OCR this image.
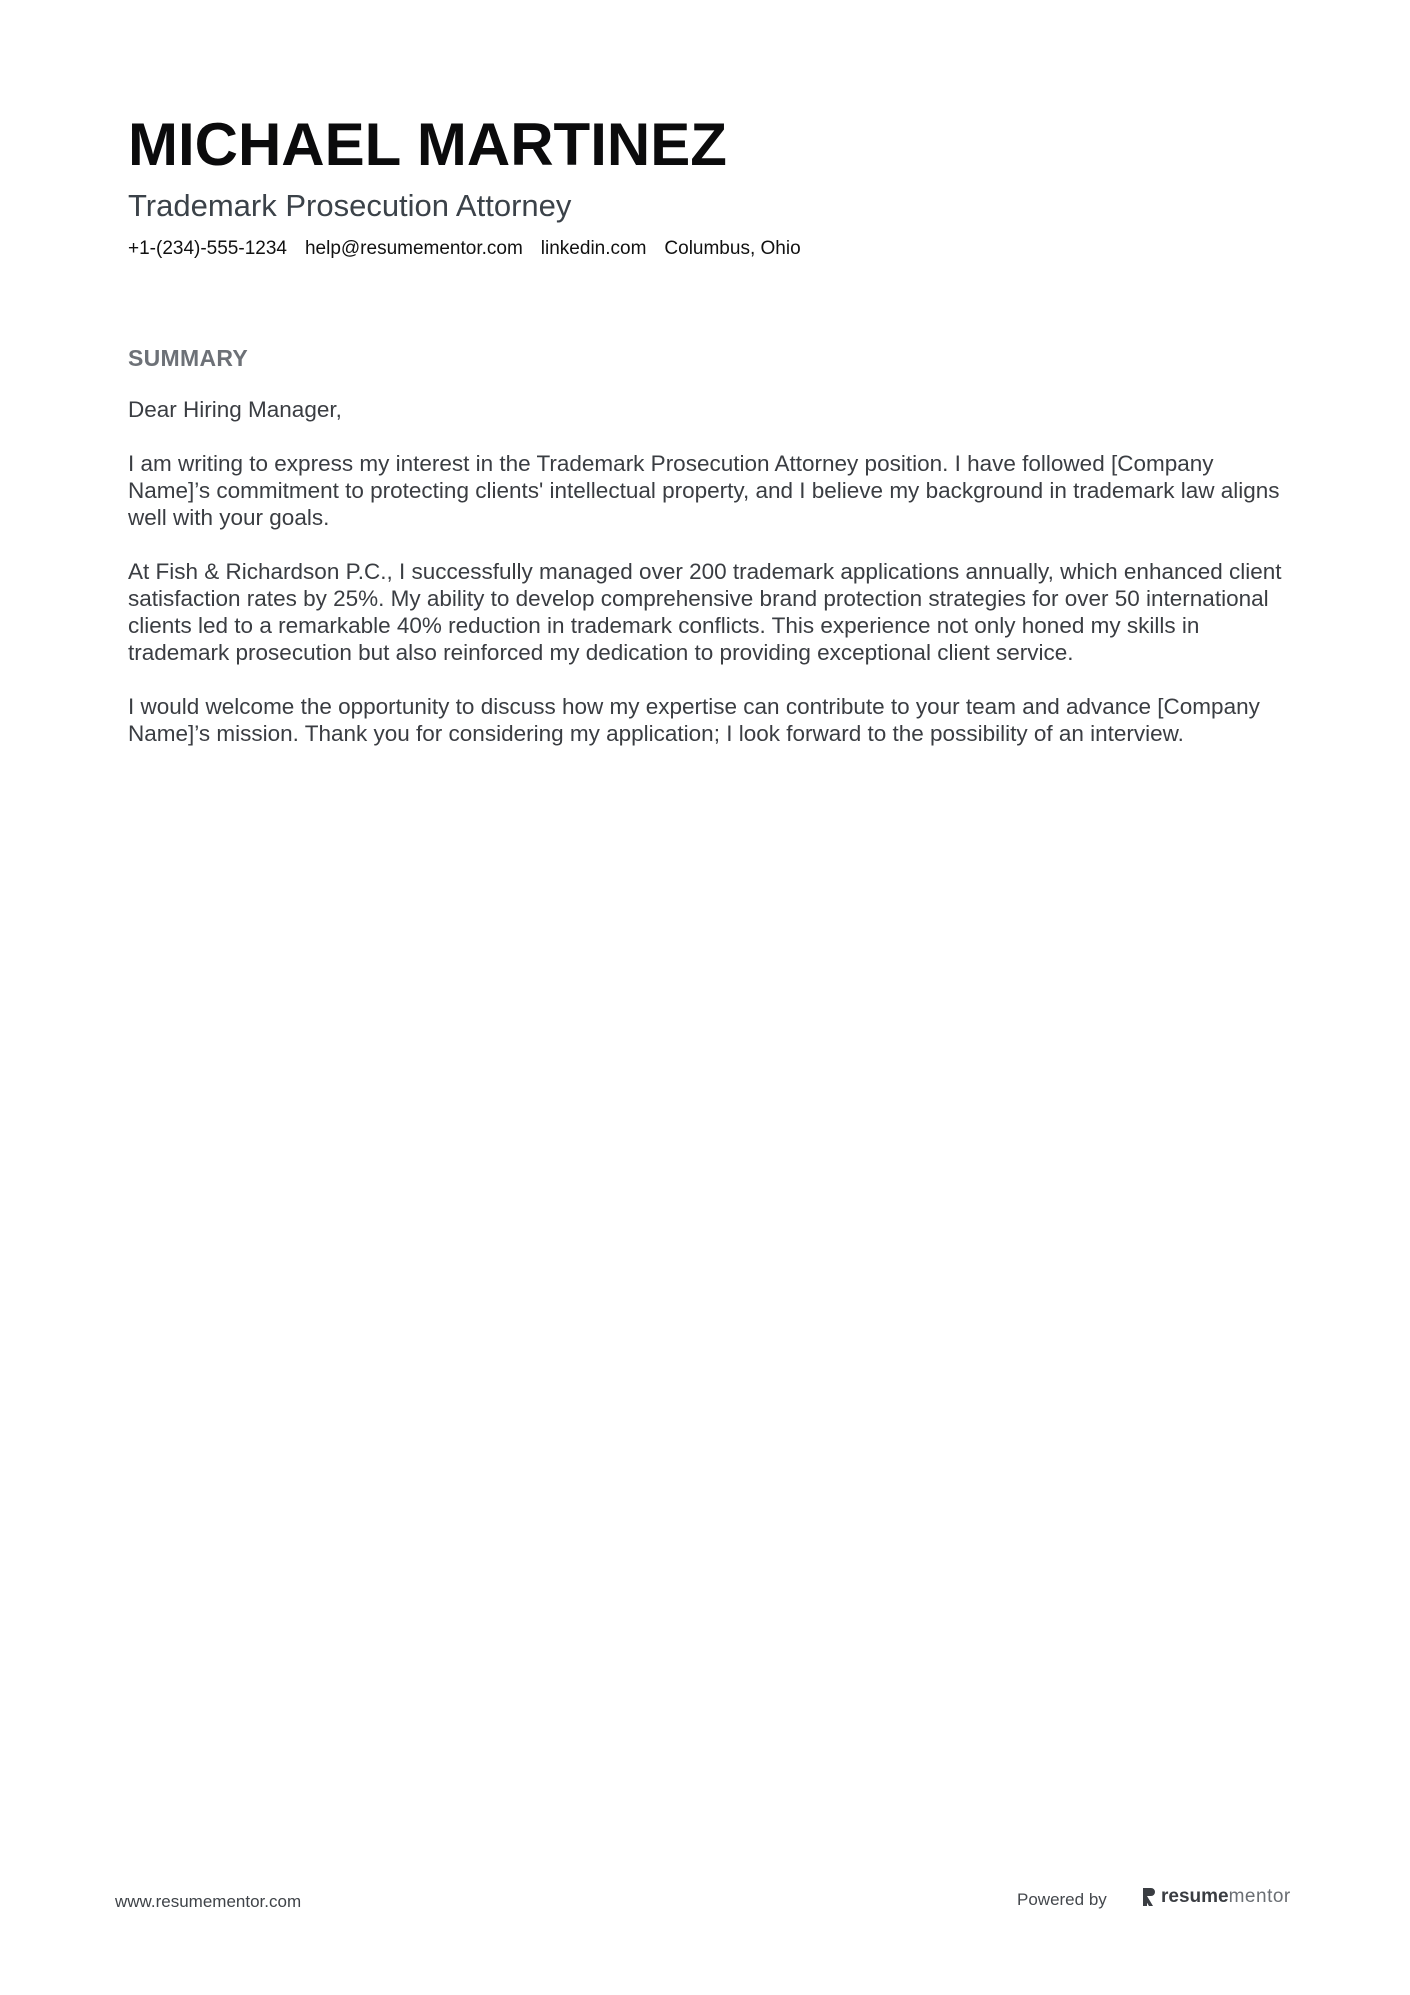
MICHAEL MARTINEZ
Trademark Prosecution Attorney
+1-(234)-555-1234 help@resumementor.com linkedin.com Columbus, Ohio
SUMMARY

Dear Hiring Manager,

I am writing to express my interest in the Trademark Prosecution Attorney position. I have followed [Company Name]’s commitment to protecting clients' intellectual property, and I believe my background in trademark law aligns well with your goals.

At Fish & Richardson P.C., I successfully managed over 200 trademark applications annually, which enhanced client satisfaction rates by 25%. My ability to develop comprehensive brand protection strategies for over 50 international clients led to a remarkable 40% reduction in trademark conflicts. This experience not only honed my skills in trademark prosecution but also reinforced my dedication to providing exceptional client service.

I would welcome the opportunity to discuss how my expertise can contribute to your team and advance [Company Name]’s mission. Thank you for considering my application; I look forward to the possibility of an interview.

www.resumementor.com	Powered by	resumementor
